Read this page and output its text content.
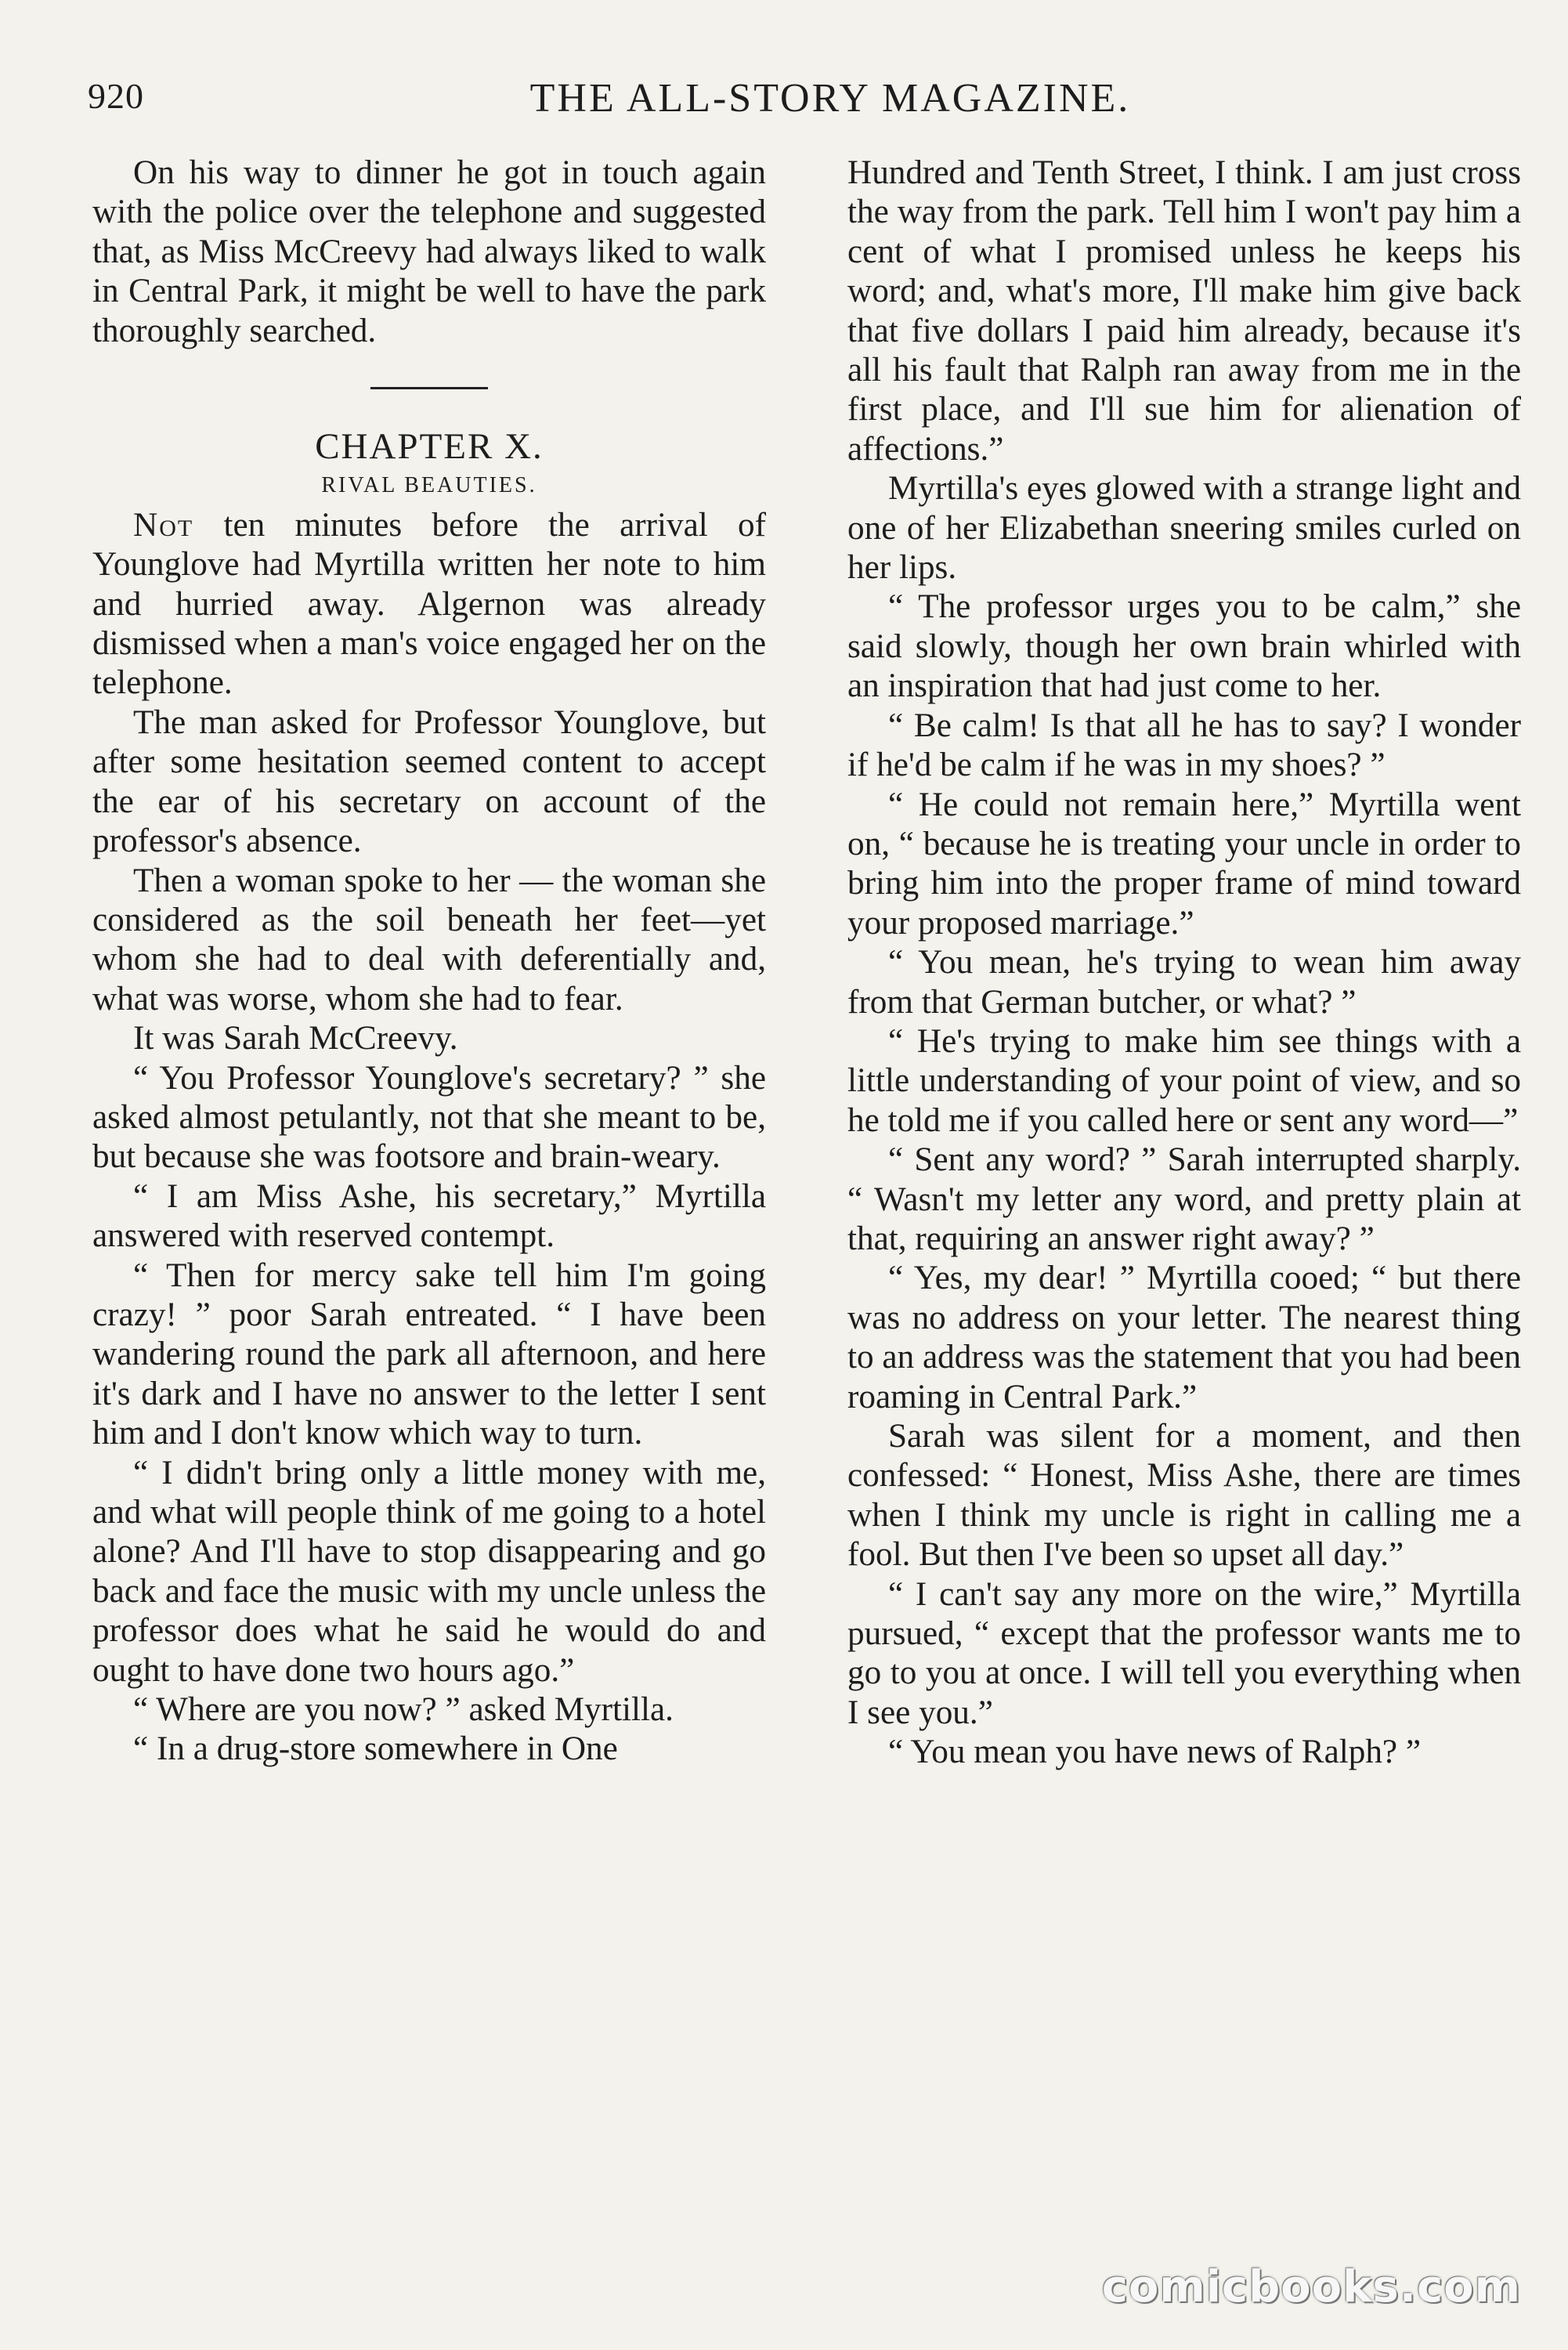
920	THE ALL-STORY MAGAZINE.

On his way to dinner he got in touch again with the police over the telephone and suggested that, as Miss McCreevy had always liked to walk in Central Park, it might be well to have the park thoroughly searched.

CHAPTER X.

RIVAL BEAUTIES.

Not ten minutes before the arrival of Younglove had Myrtilla written her note to him and hurried away. Algernon was already dismissed when a man's voice engaged her on the telephone.

The man asked for Professor Younglove, but after some hesitation seemed content to accept the ear of his secretary on account of the professor's absence.

Then a woman spoke to her — the woman she considered as the soil beneath her feet—yet whom she had to deal with deferentially and, what was worse, whom she had to fear.

It was Sarah McCreevy.

“ You Professor Younglove's secretary? ” she asked almost petulantly, not that she meant to be, but because she was footsore and brain-weary.

“ I am Miss Ashe, his secretary,” Myrtilla answered with reserved contempt.

“ Then for mercy sake tell him I'm going crazy! ” poor Sarah entreated. “ I have been wandering round the park all afternoon, and here it's dark and I have no answer to the letter I sent him and I don't know which way to turn.

“ I didn't bring only a little money with me, and what will people think of me going to a hotel alone? And I'll have to stop disappearing and go back and face the music with my uncle unless the professor does what he said he would do and ought to have done two hours ago.”

“ Where are you now? ” asked Myrtilla.

“ In a drug-store somewhere in One

Hundred and Tenth Street, I think. I am just cross the way from the park. Tell him I won't pay him a cent of what I promised unless he keeps his word; and, what's more, I'll make him give back that five dollars I paid him already, because it's all his fault that Ralph ran away from me in the first place, and I'll sue him for alienation of affections.”

Myrtilla's eyes glowed with a strange light and one of her Elizabethan sneering smiles curled on her lips.

“ The professor urges you to be calm,” she said slowly, though her own brain whirled with an inspiration that had just come to her.

“ Be calm! Is that all he has to say? I wonder if he'd be calm if he was in my shoes? ”

“ He could not remain here,” Myrtilla went on, “ because he is treating your uncle in order to bring him into the proper frame of mind toward your proposed marriage.”

“ You mean, he's trying to wean him away from that German butcher, or what? ”

“ He's trying to make him see things with a little understanding of your point of view, and so he told me if you called here or sent any word—”

“ Sent any word? ” Sarah interrupted sharply. “ Wasn't my letter any word, and pretty plain at that, requiring an answer right away? ”

“ Yes, my dear! ” Myrtilla cooed; “ but there was no address on your letter. The nearest thing to an address was the statement that you had been roaming in Central Park.”

Sarah was silent for a moment, and then confessed: “ Honest, Miss Ashe, there are times when I think my uncle is right in calling me a fool. But then I've been so upset all day.”

“ I can't say any more on the wire,” Myrtilla pursued, “ except that the professor wants me to go to you at once. I will tell you everything when I see you.”

“ You mean you have news of Ralph? ”

comicbooks.com
